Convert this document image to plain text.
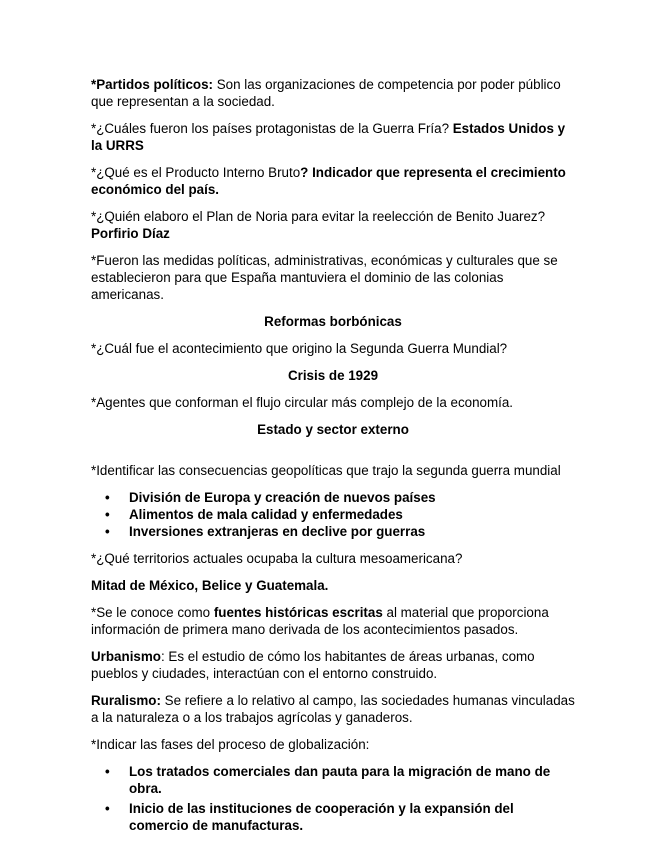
*Partidos políticos: Son las organizaciones de competencia por poder público que representan a la sociedad.

*¿Cuáles fueron los países protagonistas de la Guerra Fría? Estados Unidos y la URRS

*¿Qué es el Producto Interno Bruto? Indicador que representa el crecimiento económico del país.

*¿Quién elaboro el Plan de Noria para evitar la reelección de Benito Juarez?
Porfirio Díaz

*Fueron las medidas políticas, administrativas, económicas y culturales que se establecieron para que España mantuviera el dominio de las colonias americanas.

Reformas borbónicas

*¿Cuál fue el acontecimiento que origino la Segunda Guerra Mundial?

Crisis de 1929

*Agentes que conforman el flujo circular más complejo de la economía.

Estado y sector externo

*Identificar las consecuencias geopolíticas que trajo la segunda guerra mundial

• División de Europa y creación de nuevos países
• Alimentos de mala calidad y enfermedades
• Inversiones extranjeras en declive por guerras

*¿Qué territorios actuales ocupaba la cultura mesoamericana?

Mitad de México, Belice y Guatemala.

*Se le conoce como fuentes históricas escritas al material que proporciona información de primera mano derivada de los acontecimientos pasados.

Urbanismo: Es el estudio de cómo los habitantes de áreas urbanas, como pueblos y ciudades, interactúan con el entorno construido.

Ruralismo: Se refiere a lo relativo al campo, las sociedades humanas vinculadas a la naturaleza o a los trabajos agrícolas y ganaderos.

*Indicar las fases del proceso de globalización:

• Los tratados comerciales dan pauta para la migración de mano de obra.
• Inicio de las instituciones de cooperación y la expansión del comercio de manufacturas.
